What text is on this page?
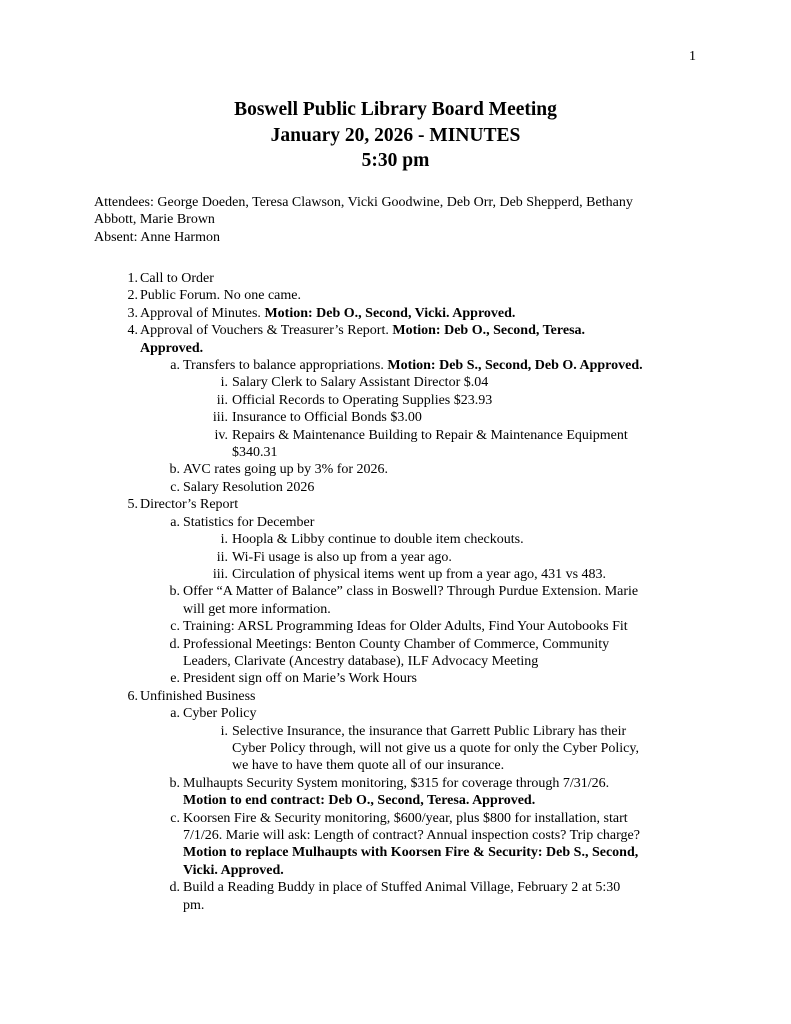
1
Boswell Public Library Board Meeting
January 20, 2026 - MINUTES
5:30 pm
Attendees: George Doeden, Teresa Clawson, Vicki Goodwine, Deb Orr, Deb Shepperd, Bethany
Abbott, Marie Brown
Absent: Anne Harmon
1. Call to Order
2. Public Forum. No one came.
3. Approval of Minutes. Motion: Deb O., Second, Vicki. Approved.
4. Approval of Vouchers & Treasurer’s Report. Motion: Deb O., Second, Teresa.
Approved.
a. Transfers to balance appropriations. Motion: Deb S., Second, Deb O. Approved.
i. Salary Clerk to Salary Assistant Director $.04
ii. Official Records to Operating Supplies $23.93
iii. Insurance to Official Bonds $3.00
iv. Repairs & Maintenance Building to Repair & Maintenance Equipment
$340.31
b. AVC rates going up by 3% for 2026.
c. Salary Resolution 2026
5. Director’s Report
a. Statistics for December
i. Hoopla & Libby continue to double item checkouts.
ii. Wi-Fi usage is also up from a year ago.
iii. Circulation of physical items went up from a year ago, 431 vs 483.
b. Offer “A Matter of Balance” class in Boswell? Through Purdue Extension. Marie
will get more information.
c. Training: ARSL Programming Ideas for Older Adults, Find Your Autobooks Fit
d. Professional Meetings: Benton County Chamber of Commerce, Community
Leaders, Clarivate (Ancestry database), ILF Advocacy Meeting
e. President sign off on Marie’s Work Hours
6. Unfinished Business
a. Cyber Policy
i. Selective Insurance, the insurance that Garrett Public Library has their
Cyber Policy through, will not give us a quote for only the Cyber Policy,
we have to have them quote all of our insurance.
b. Mulhaupts Security System monitoring, $315 for coverage through 7/31/26.
Motion to end contract: Deb O., Second, Teresa. Approved.
c. Koorsen Fire & Security monitoring, $600/year, plus $800 for installation, start
7/1/26. Marie will ask: Length of contract? Annual inspection costs? Trip charge?
Motion to replace Mulhaupts with Koorsen Fire & Security: Deb S., Second,
Vicki. Approved.
d. Build a Reading Buddy in place of Stuffed Animal Village, February 2 at 5:30
pm.
